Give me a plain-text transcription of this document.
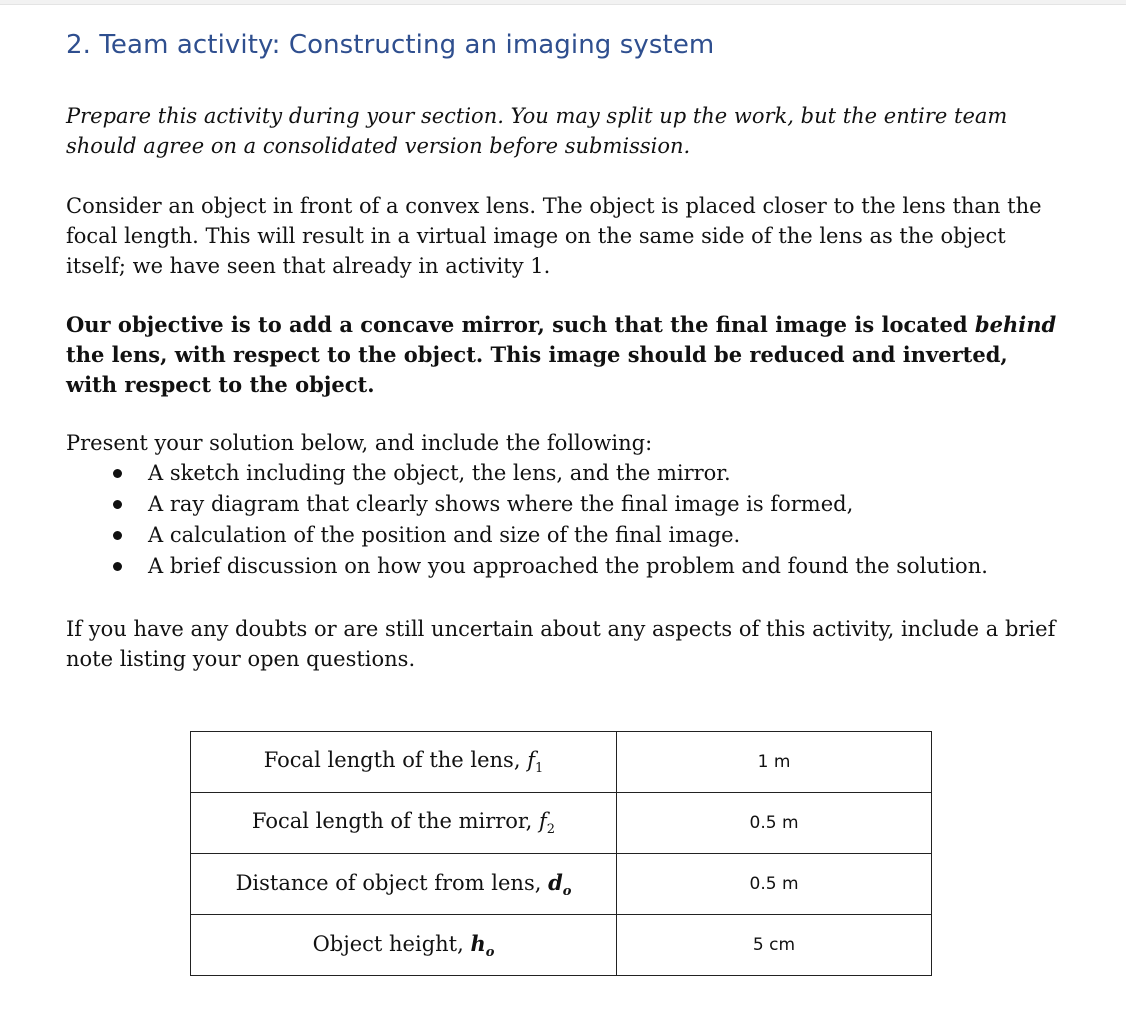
2. Team activity: Constructing an imaging system

Prepare this activity during your section. You may split up the work, but the entire team should agree on a consolidated version before submission.

Consider an object in front of a convex lens. The object is placed closer to the lens than the focal length. This will result in a virtual image on the same side of the lens as the object itself; we have seen that already in activity 1.

Our objective is to add a concave mirror, such that the final image is located behind the lens, with respect to the object. This image should be reduced and inverted, with respect to the object.

Present your solution below, and include the following:

A sketch including the object, the lens, and the mirror.
A ray diagram that clearly shows where the final image is formed,
A calculation of the position and size of the final image.
A brief discussion on how you approached the problem and found the solution.

If you have any doubts or are still uncertain about any aspects of this activity, include a brief note listing your open questions.

Focal length of the lens, $f_1$	1 m
Focal length of the mirror, $f_2$	0.5 m
Distance of object from lens, $d_o$	0.5 m
Object height, $h_o$	5 cm
